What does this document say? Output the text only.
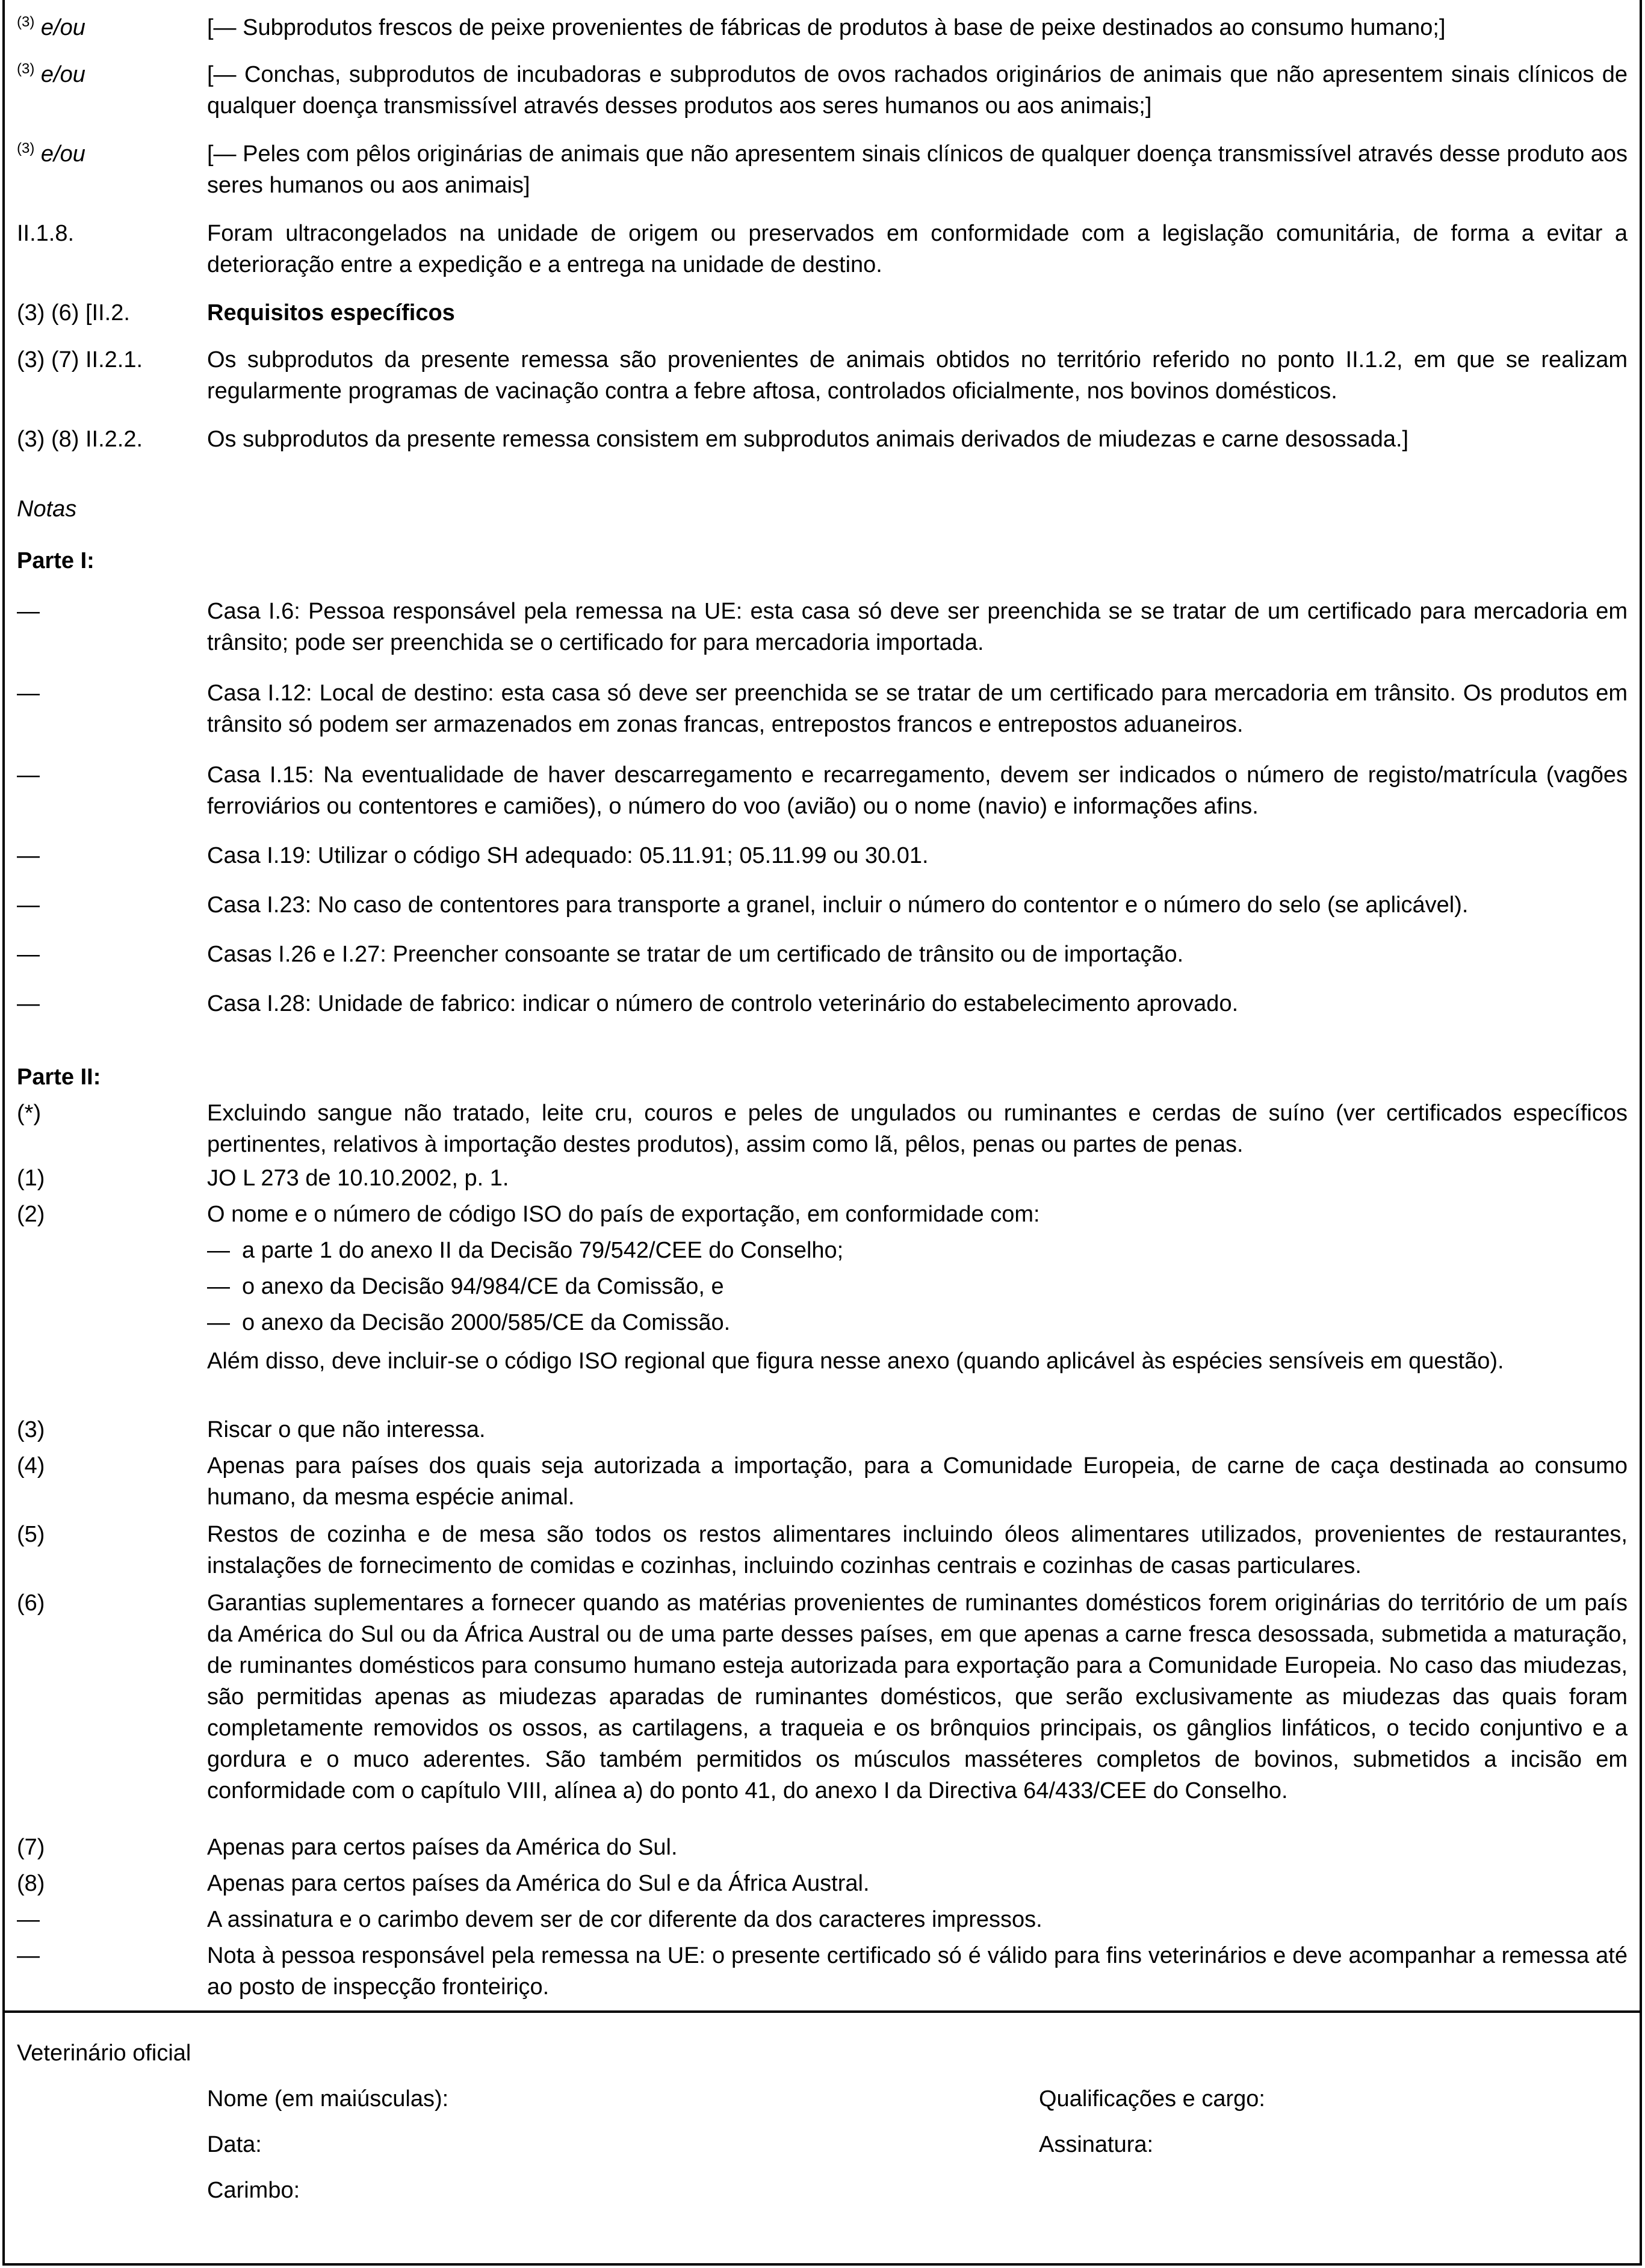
$^{(3)}$ e/ou	[— Subprodutos frescos de peixe provenientes de fábricas de produtos à base de peixe destinados ao consumo humano;]
$^{(3)}$ e/ou	[— Conchas, subprodutos de incubadoras e subprodutos de ovos rachados originários de animais que não apresentem sinais clínicos de qualquer doença transmissível através desses produtos aos seres humanos ou aos animais;]
$^{(3)}$ e/ou	[— Peles com pêlos originárias de animais que não apresentem sinais clínicos de qualquer doença transmissível através desse produto aos seres humanos ou aos animais]
II.1.8.	Foram ultracongelados na unidade de origem ou preservados em conformidade com a legislação comunitária, de forma a evitar a deterioração entre a expedição e a entrega na unidade de destino.
(3) (6) [II.2.	Requisitos específicos
(3) (7) II.2.1.	Os subprodutos da presente remessa são provenientes de animais obtidos no território referido no ponto II.1.2, em que se realizam regularmente programas de vacinação contra a febre aftosa, controlados oficialmente, nos bovinos domésticos.
(3) (8) II.2.2.	Os subprodutos da presente remessa consistem em subprodutos animais derivados de miudezas e carne desossada.]
Notas
Parte I:
—	Casa I.6: Pessoa responsável pela remessa na UE: esta casa só deve ser preenchida se se tratar de um certificado para mercadoria em trânsito; pode ser preenchida se o certificado for para mercadoria importada.
—	Casa I.12: Local de destino: esta casa só deve ser preenchida se se tratar de um certificado para mercadoria em trânsito. Os produtos em trânsito só podem ser armazenados em zonas francas, entrepostos francos e entrepostos aduaneiros.
—	Casa I.15: Na eventualidade de haver descarregamento e recarregamento, devem ser indicados o número de registo/matrícula (vagões ferroviários ou contentores e camiões), o número do voo (avião) ou o nome (navio) e informações afins.
—	Casa I.19: Utilizar o código SH adequado: 05.11.91; 05.11.99 ou 30.01.
—	Casa I.23: No caso de contentores para transporte a granel, incluir o número do contentor e o número do selo (se aplicável).
—	Casas I.26 e I.27: Preencher consoante se tratar de um certificado de trânsito ou de importação.
—	Casa I.28: Unidade de fabrico: indicar o número de controlo veterinário do estabelecimento aprovado.
Parte II:
(*)	Excluindo sangue não tratado, leite cru, couros e peles de ungulados ou ruminantes e cerdas de suíno (ver certificados específicos pertinentes, relativos à importação destes produtos), assim como lã, pêlos, penas ou partes de penas.
(1)	JO L 273 de 10.10.2002, p. 1.
(2)	O nome e o número de código ISO do país de exportação, em conformidade com:
— a parte 1 do anexo II da Decisão 79/542/CEE do Conselho;
— o anexo da Decisão 94/984/CE da Comissão, e
— o anexo da Decisão 2000/585/CE da Comissão.
Além disso, deve incluir-se o código ISO regional que figura nesse anexo (quando aplicável às espécies sensíveis em questão).
(3)	Riscar o que não interessa.
(4)	Apenas para países dos quais seja autorizada a importação, para a Comunidade Europeia, de carne de caça destinada ao consumo humano, da mesma espécie animal.
(5)	Restos de cozinha e de mesa são todos os restos alimentares incluindo óleos alimentares utilizados, provenientes de restaurantes, instalações de fornecimento de comidas e cozinhas, incluindo cozinhas centrais e cozinhas de casas particulares.
(6)	Garantias suplementares a fornecer quando as matérias provenientes de ruminantes domésticos forem originárias do território de um país da América do Sul ou da África Austral ou de uma parte desses países, em que apenas a carne fresca desossada, submetida a maturação, de ruminantes domésticos para consumo humano esteja autorizada para exportação para a Comunidade Europeia. No caso das miudezas, são permitidas apenas as miudezas aparadas de ruminantes domésticos, que serão exclusivamente as miudezas das quais foram completamente removidos os ossos, as cartilagens, a traqueia e os brônquios principais, os gânglios linfáticos, o tecido conjuntivo e a gordura e o muco aderentes. São também permitidos os músculos masséteres completos de bovinos, submetidos a incisão em conformidade com o capítulo VIII, alínea a) do ponto 41, do anexo I da Directiva 64/433/CEE do Conselho.
(7)	Apenas para certos países da América do Sul.
(8)	Apenas para certos países da América do Sul e da África Austral.
—	A assinatura e o carimbo devem ser de cor diferente da dos caracteres impressos.
—	Nota à pessoa responsável pela remessa na UE: o presente certificado só é válido para fins veterinários e deve acompanhar a remessa até ao posto de inspecção fronteiriço.
Veterinário oficial
Nome (em maiúsculas):	Qualificações e cargo:
Data:	Assinatura:
Carimbo:
